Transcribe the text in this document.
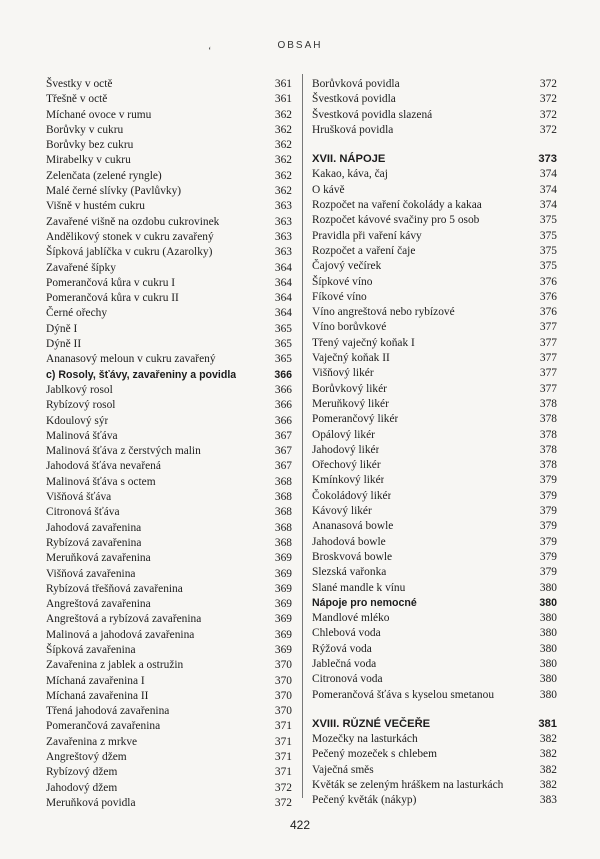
OBSAH
ʻ
Švestky v octě	361
Třešně v octě	361
Míchané ovoce v rumu	362
Borůvky v cukru	362
Borůvky bez cukru	362
Mirabelky v cukru	362
Zelenčata (zelené ryngle)	362
Malé černé slívky (Pavlůvky)	362
Višně v hustém cukru	363
Zavařené višně na ozdobu cukrovinek	363
Andělikový stonek v cukru zavařený	363
Šípková jablíčka v cukru (Azarolky)	363
Zavařené šípky	364
Pomerančová kůra v cukru I	364
Pomerančová kůra v cukru II	364
Černé ořechy	364
Dýně I	365
Dýně II	365
Ananasový meloun v cukru zavařený	365
c) Rosoly, šťávy, zavařeniny a povidla	366
Jablkový rosol	366
Rybízový rosol	366
Kdoulový sýr	366
Malinová šťáva	367
Malinová šťáva z čerstvých malin	367
Jahodová šťáva nevařená	367
Malinová šťáva s octem	368
Višňová šťáva	368
Citronová šťáva	368
Jahodová zavařenina	368
Rybízová zavařenina	368
Meruňková zavařenina	369
Višňová zavařenina	369
Rybízová třešňová zavařenina	369
Angreštová zavařenina	369
Angreštová a rybízová zavařenina	369
Malinová a jahodová zavařenina	369
Šípková zavařenina	369
Zavařenina z jablek a ostružin	370
Míchaná zavařenina I	370
Míchaná zavařenina II	370
Třená jahodová zavařenina	370
Pomerančová zavařenina	371
Zavařenina z mrkve	371
Angreštový džem	371
Rybízový džem	371
Jahodový džem	372
Meruňková povidla	372
Borůvková povidla	372
Švestková povidla	372
Švestková povidla slazená	372
Hrušková povidla	372
XVII. NÁPOJE	373
Kakao, káva, čaj	374
O kávě	374
Rozpočet na vaření čokolády a kakaa	374
Rozpočet kávové svačiny pro 5 osob	375
Pravidla při vaření kávy	375
Rozpočet a vaření čaje	375
Čajový večírek	375
Šípkové víno	376
Fíkové víno	376
Víno angreštová nebo rybízové	376
Víno borůvkové	377
Třený vaječný koňak I	377
Vaječný koňak II	377
Višňový likér	377
Borůvkový likér	377
Meruňkový likér	378
Pomerančový likér	378
Opálový likér	378
Jahodový likér	378
Ořechový likér	378
Kmínkový likér	379
Čokoládový likér	379
Kávový likér	379
Ananasová bowle	379
Jahodová bowle	379
Broskvová bowle	379
Slezská vařonka	379
Slané mandle k vínu	380
Nápoje pro nemocné	380
Mandlové mléko	380
Chlebová voda	380
Rýžová voda	380
Jablečná voda	380
Citronová voda	380
Pomerančová šťáva s kyselou smetanou	380
XVIII. RŮZNÉ VEČEŘE	381
Mozečky na lasturkách	382
Pečený mozeček s chlebem	382
Vaječná směs	382
Květák se zeleným hráškem na lasturkách	382
Pečený květák (nákyp)	383
422
